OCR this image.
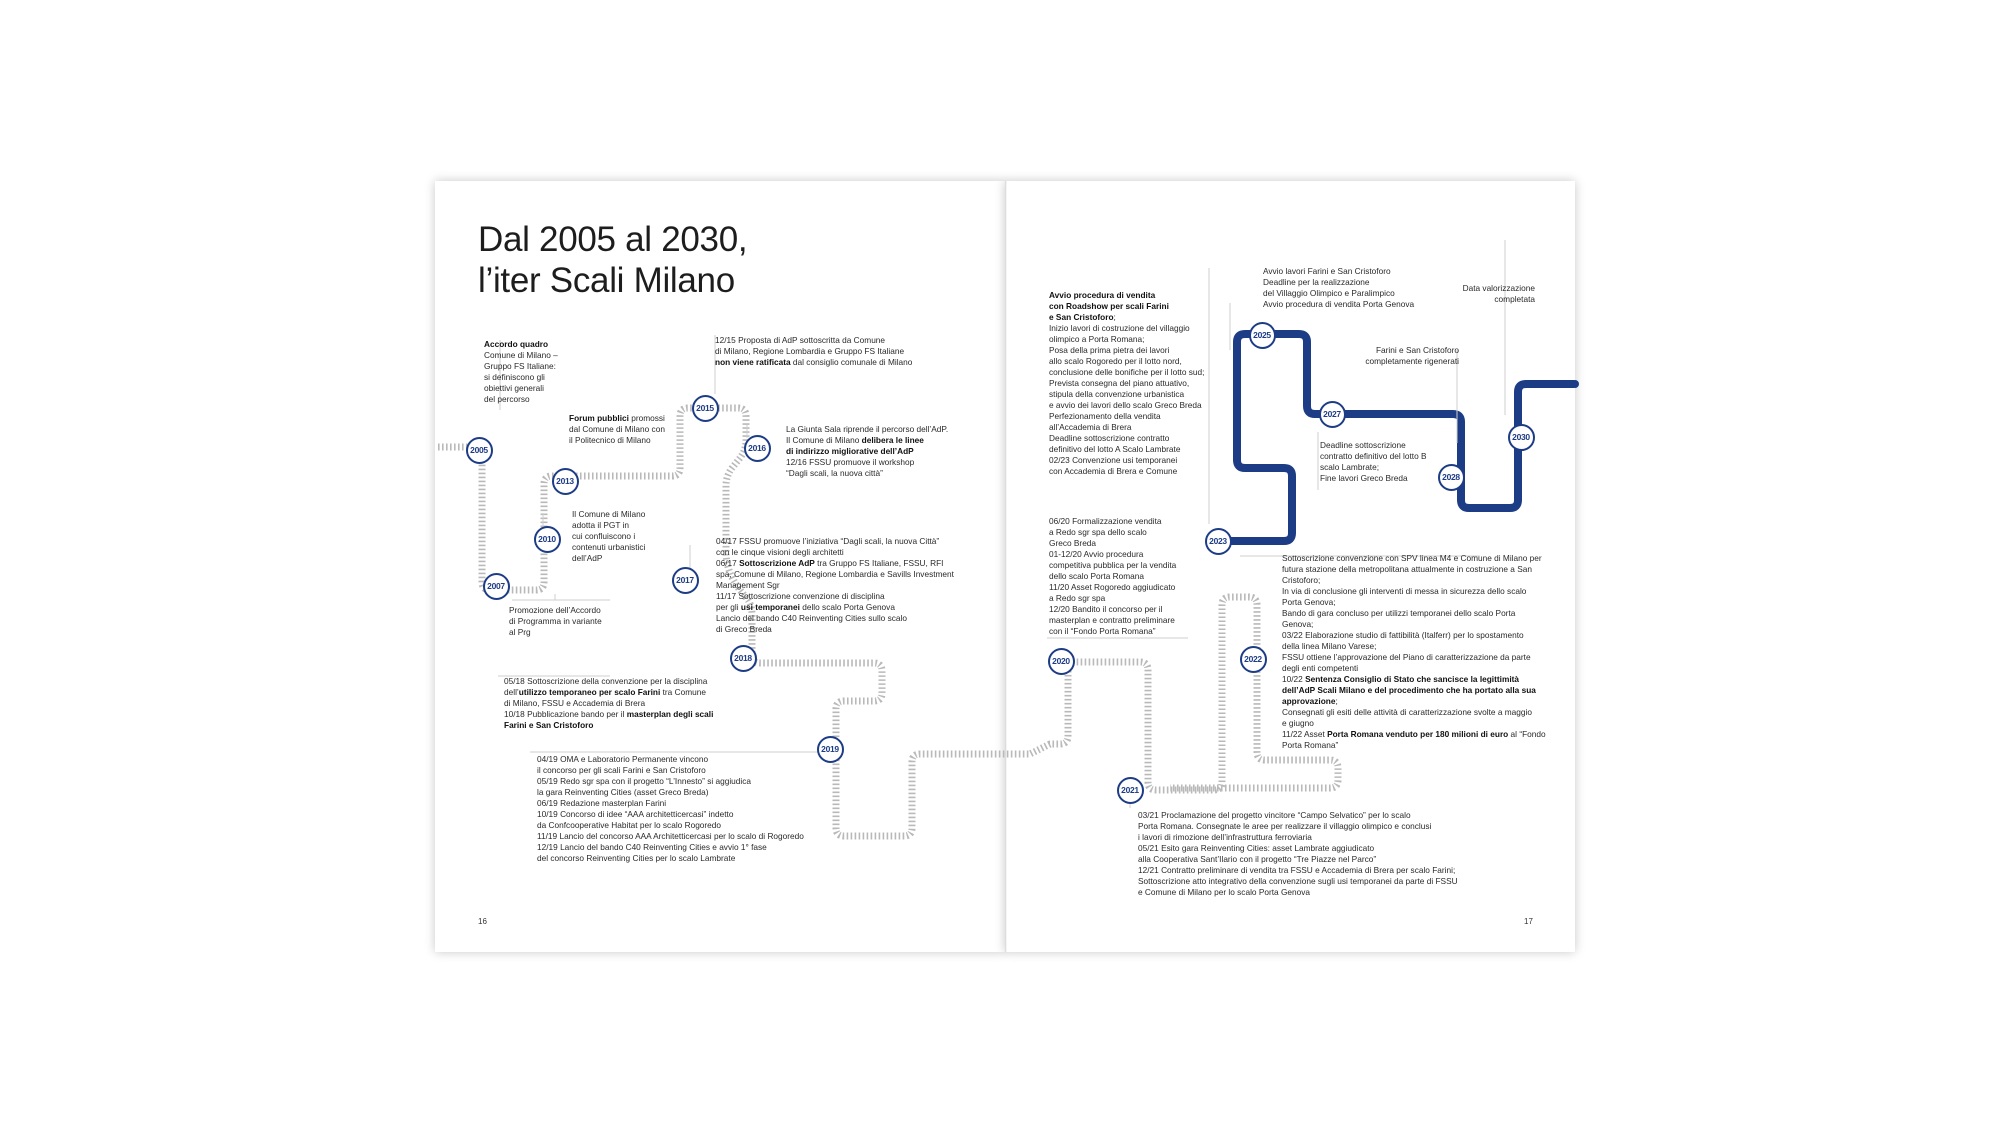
Dal 2005 al 2030,
l’iter Scali Milano
2005
2007
2010
2013
2015
2016
2017
2018
2019
2020
2021
2022
2023
2025
2027
2028
2030
Accordo quadro
Comune di Milano –
Gruppo FS Italiane:
si definiscono gli
obiettivi generali
del percorso
Forum pubblici promossi
dal Comune di Milano con
il Politecnico di Milano
Il Comune di Milano
adotta il PGT in
cui confluiscono i
contenuti urbanistici
dell’AdP
Promozione dell’Accordo
di Programma in variante
al Prg
12/15 Proposta di AdP sottoscritta da Comune
di Milano, Regione Lombardia e Gruppo FS Italiane
non viene ratificata dal consiglio comunale di Milano
La Giunta Sala riprende il percorso dell’AdP.
Il Comune di Milano delibera le linee
di indirizzo migliorative dell’AdP
12/16 FSSU promuove il workshop
“Dagli scali, la nuova città”
04/17 FSSU promuove l’iniziativa “Dagli scali, la nuova Città”
con le cinque visioni degli architetti
06/17 Sottoscrizione AdP tra Gruppo FS Italiane, FSSU, RFI
spa, Comune di Milano, Regione Lombardia e Savills Investment
Management Sgr
11/17 Sottoscrizione convenzione di disciplina
per gli usi temporanei dello scalo Porta Genova
Lancio del bando C40 Reinventing Cities sullo scalo
di Greco Breda
05/18 Sottoscrizione della convenzione per la disciplina
dell’utilizzo temporaneo per scalo Farini tra Comune
di Milano, FSSU e Accademia di Brera
10/18 Pubblicazione bando per il masterplan degli scali
Farini e San Cristoforo
04/19 OMA e Laboratorio Permanente vincono
il concorso per gli scali Farini e San Cristoforo
05/19 Redo sgr spa con il progetto “L’Innesto” si aggiudica
la gara Reinventing Cities (asset Greco Breda)
06/19 Redazione masterplan Farini
10/19 Concorso di idee “AAA architetticercasi” indetto
da Confcooperative Habitat per lo scalo Rogoredo
11/19 Lancio del concorso AAA Architetticercasi per lo scalo di Rogoredo
12/19 Lancio del bando C40 Reinventing Cities e avvio 1° fase
del concorso Reinventing Cities per lo scalo Lambrate
Avvio procedura di vendita
con Roadshow per scali Farini
e San Cristoforo;
Inizio lavori di costruzione del villaggio
olimpico a Porta Romana;
Posa della prima pietra dei lavori
allo scalo Rogoredo per il lotto nord,
conclusione delle bonifiche per il lotto sud;
Prevista consegna del piano attuativo,
stipula della convenzione urbanistica
e avvio dei lavori dello scalo Greco Breda
Perfezionamento della vendita
all’Accademia di Brera
Deadline sottoscrizione contratto
definitivo del lotto A Scalo Lambrate
02/23 Convenzione usi temporanei
con Accademia di Brera e Comune
Avvio lavori Farini e San Cristoforo
Deadline per la realizzazione
del Villaggio Olimpico e Paralimpico
Avvio procedura di vendita Porta Genova
Data valorizzazione
completata
Farini e San Cristoforo
completamente rigenerati
Deadline sottoscrizione
contratto definitivo del lotto B
scalo Lambrate;
Fine lavori Greco Breda
06/20 Formalizzazione vendita
a Redo sgr spa dello scalo
Greco Breda
01-12/20 Avvio procedura
competitiva pubblica per la vendita
dello scalo Porta Romana
11/20 Asset Rogoredo aggiudicato
a Redo sgr spa
12/20 Bandito il concorso per il
masterplan e contratto preliminare
con il “Fondo Porta Romana”
Sottoscrizione convenzione con SPV linea M4 e Comune di Milano per
futura stazione della metropolitana attualmente in costruzione a San
Cristoforo;
In via di conclusione gli interventi di messa in sicurezza dello scalo
Porta Genova;
Bando di gara concluso per utilizzi temporanei dello scalo Porta
Genova;
03/22 Elaborazione studio di fattibilità (Italferr) per lo spostamento
della linea Milano Varese;
FSSU ottiene l’approvazione del Piano di caratterizzazione da parte
degli enti competenti
10/22 Sentenza Consiglio di Stato che sancisce la legittimità
dell’AdP Scali Milano e del procedimento che ha portato alla sua
approvazione;
Consegnati gli esiti delle attività di caratterizzazione svolte a maggio
e giugno
11/22 Asset Porta Romana venduto per 180 milioni di euro al “Fondo
Porta Romana”
03/21 Proclamazione del progetto vincitore “Campo Selvatico” per lo scalo
Porta Romana. Consegnate le aree per realizzare il villaggio olimpico e conclusi
i lavori di rimozione dell’infrastruttura ferroviaria
05/21 Esito gara Reinventing Cities: asset Lambrate aggiudicato
alla Cooperativa Sant’Ilario con il progetto “Tre Piazze nel Parco”
12/21 Contratto preliminare di vendita tra FSSU e Accademia di Brera per scalo Farini;
Sottoscrizione atto integrativo della convenzione sugli usi temporanei da parte di FSSU
e Comune di Milano per lo scalo Porta Genova
16	17
